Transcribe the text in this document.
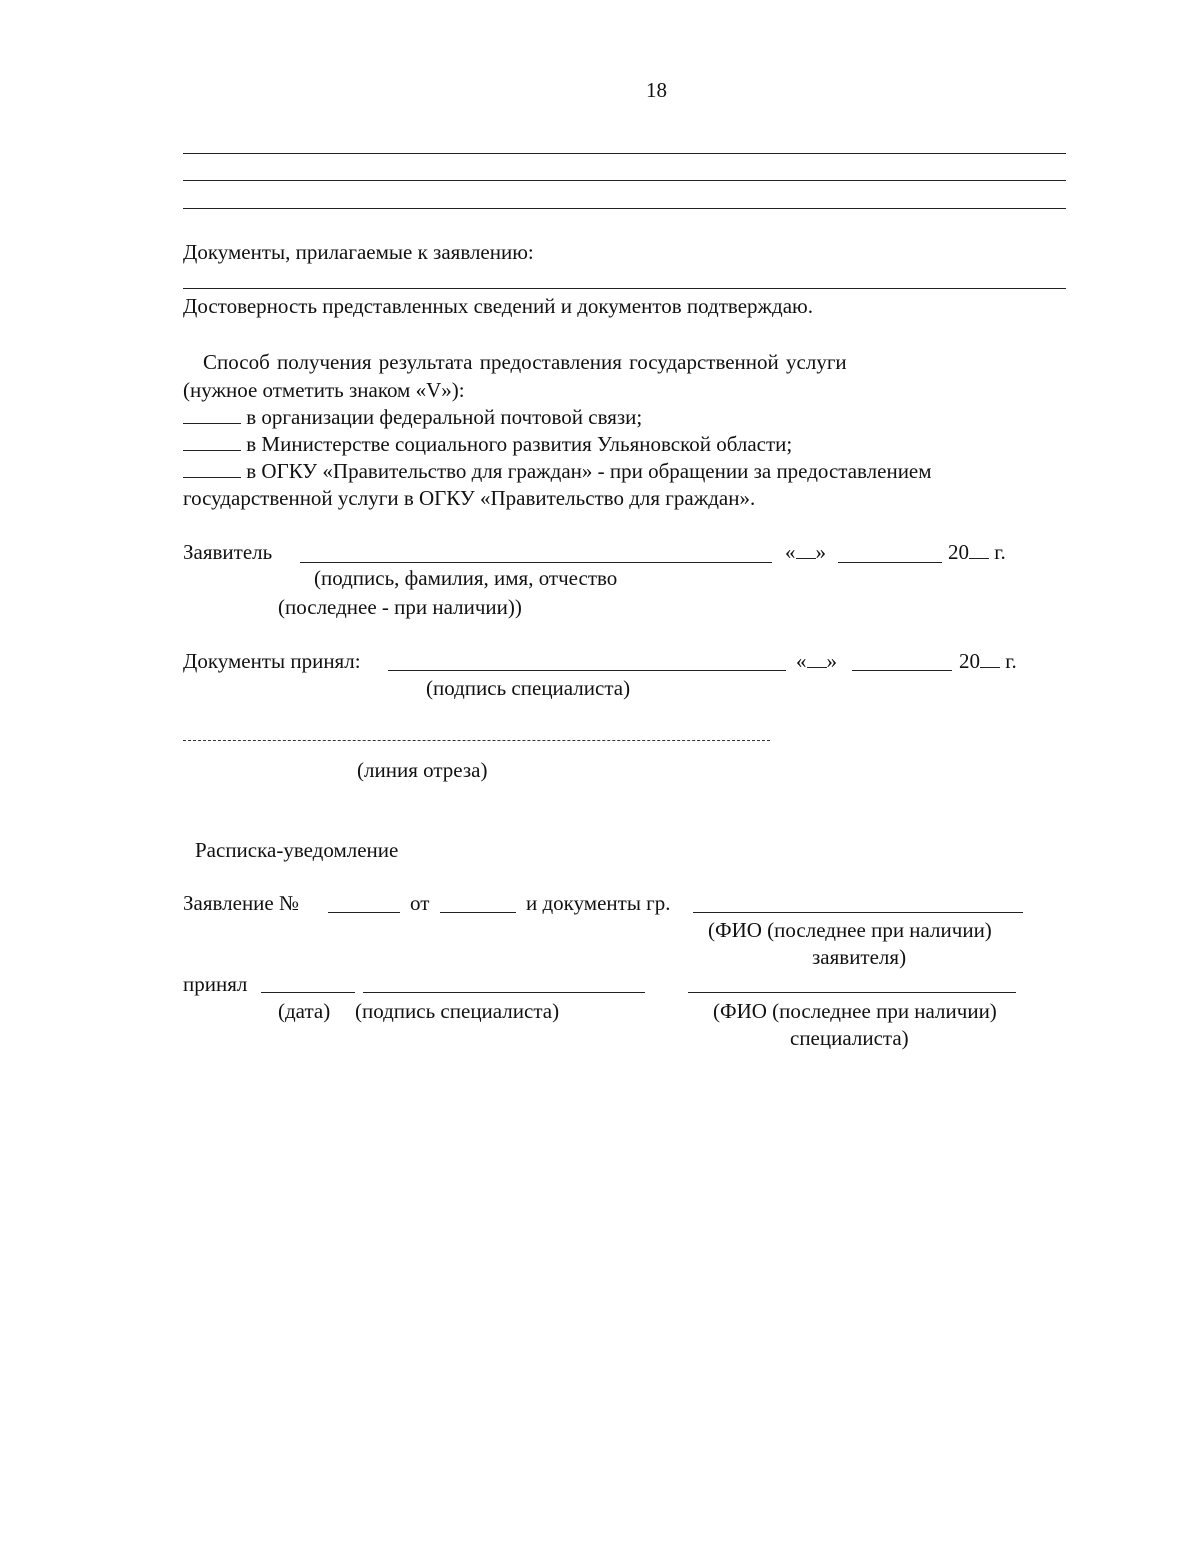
18
Документы, прилагаемые к заявлению:
Достоверность представленных сведений и документов подтверждаю.
Способ получения результата предоставления государственной услуги
(нужное отметить знаком «V»):
в организации федеральной почтовой связи;
в Министерстве социального развития Ульяновской области;
в ОГКУ «Правительство для граждан» - при обращении за предоставлением
государственной услуги в ОГКУ «Правительство для граждан».
Заявитель	« »	20 г.
(подпись, фамилия, имя, отчество
(последнее - при наличии))
Документы принял:	« »	20 г.
(подпись специалиста)
(линия отреза)
Расписка-уведомление
Заявление №	от	и документы гр.
(ФИО (последнее при наличии)
заявителя)
принял
(дата) (подпись специалиста)	(ФИО (последнее при наличии)
специалиста)
